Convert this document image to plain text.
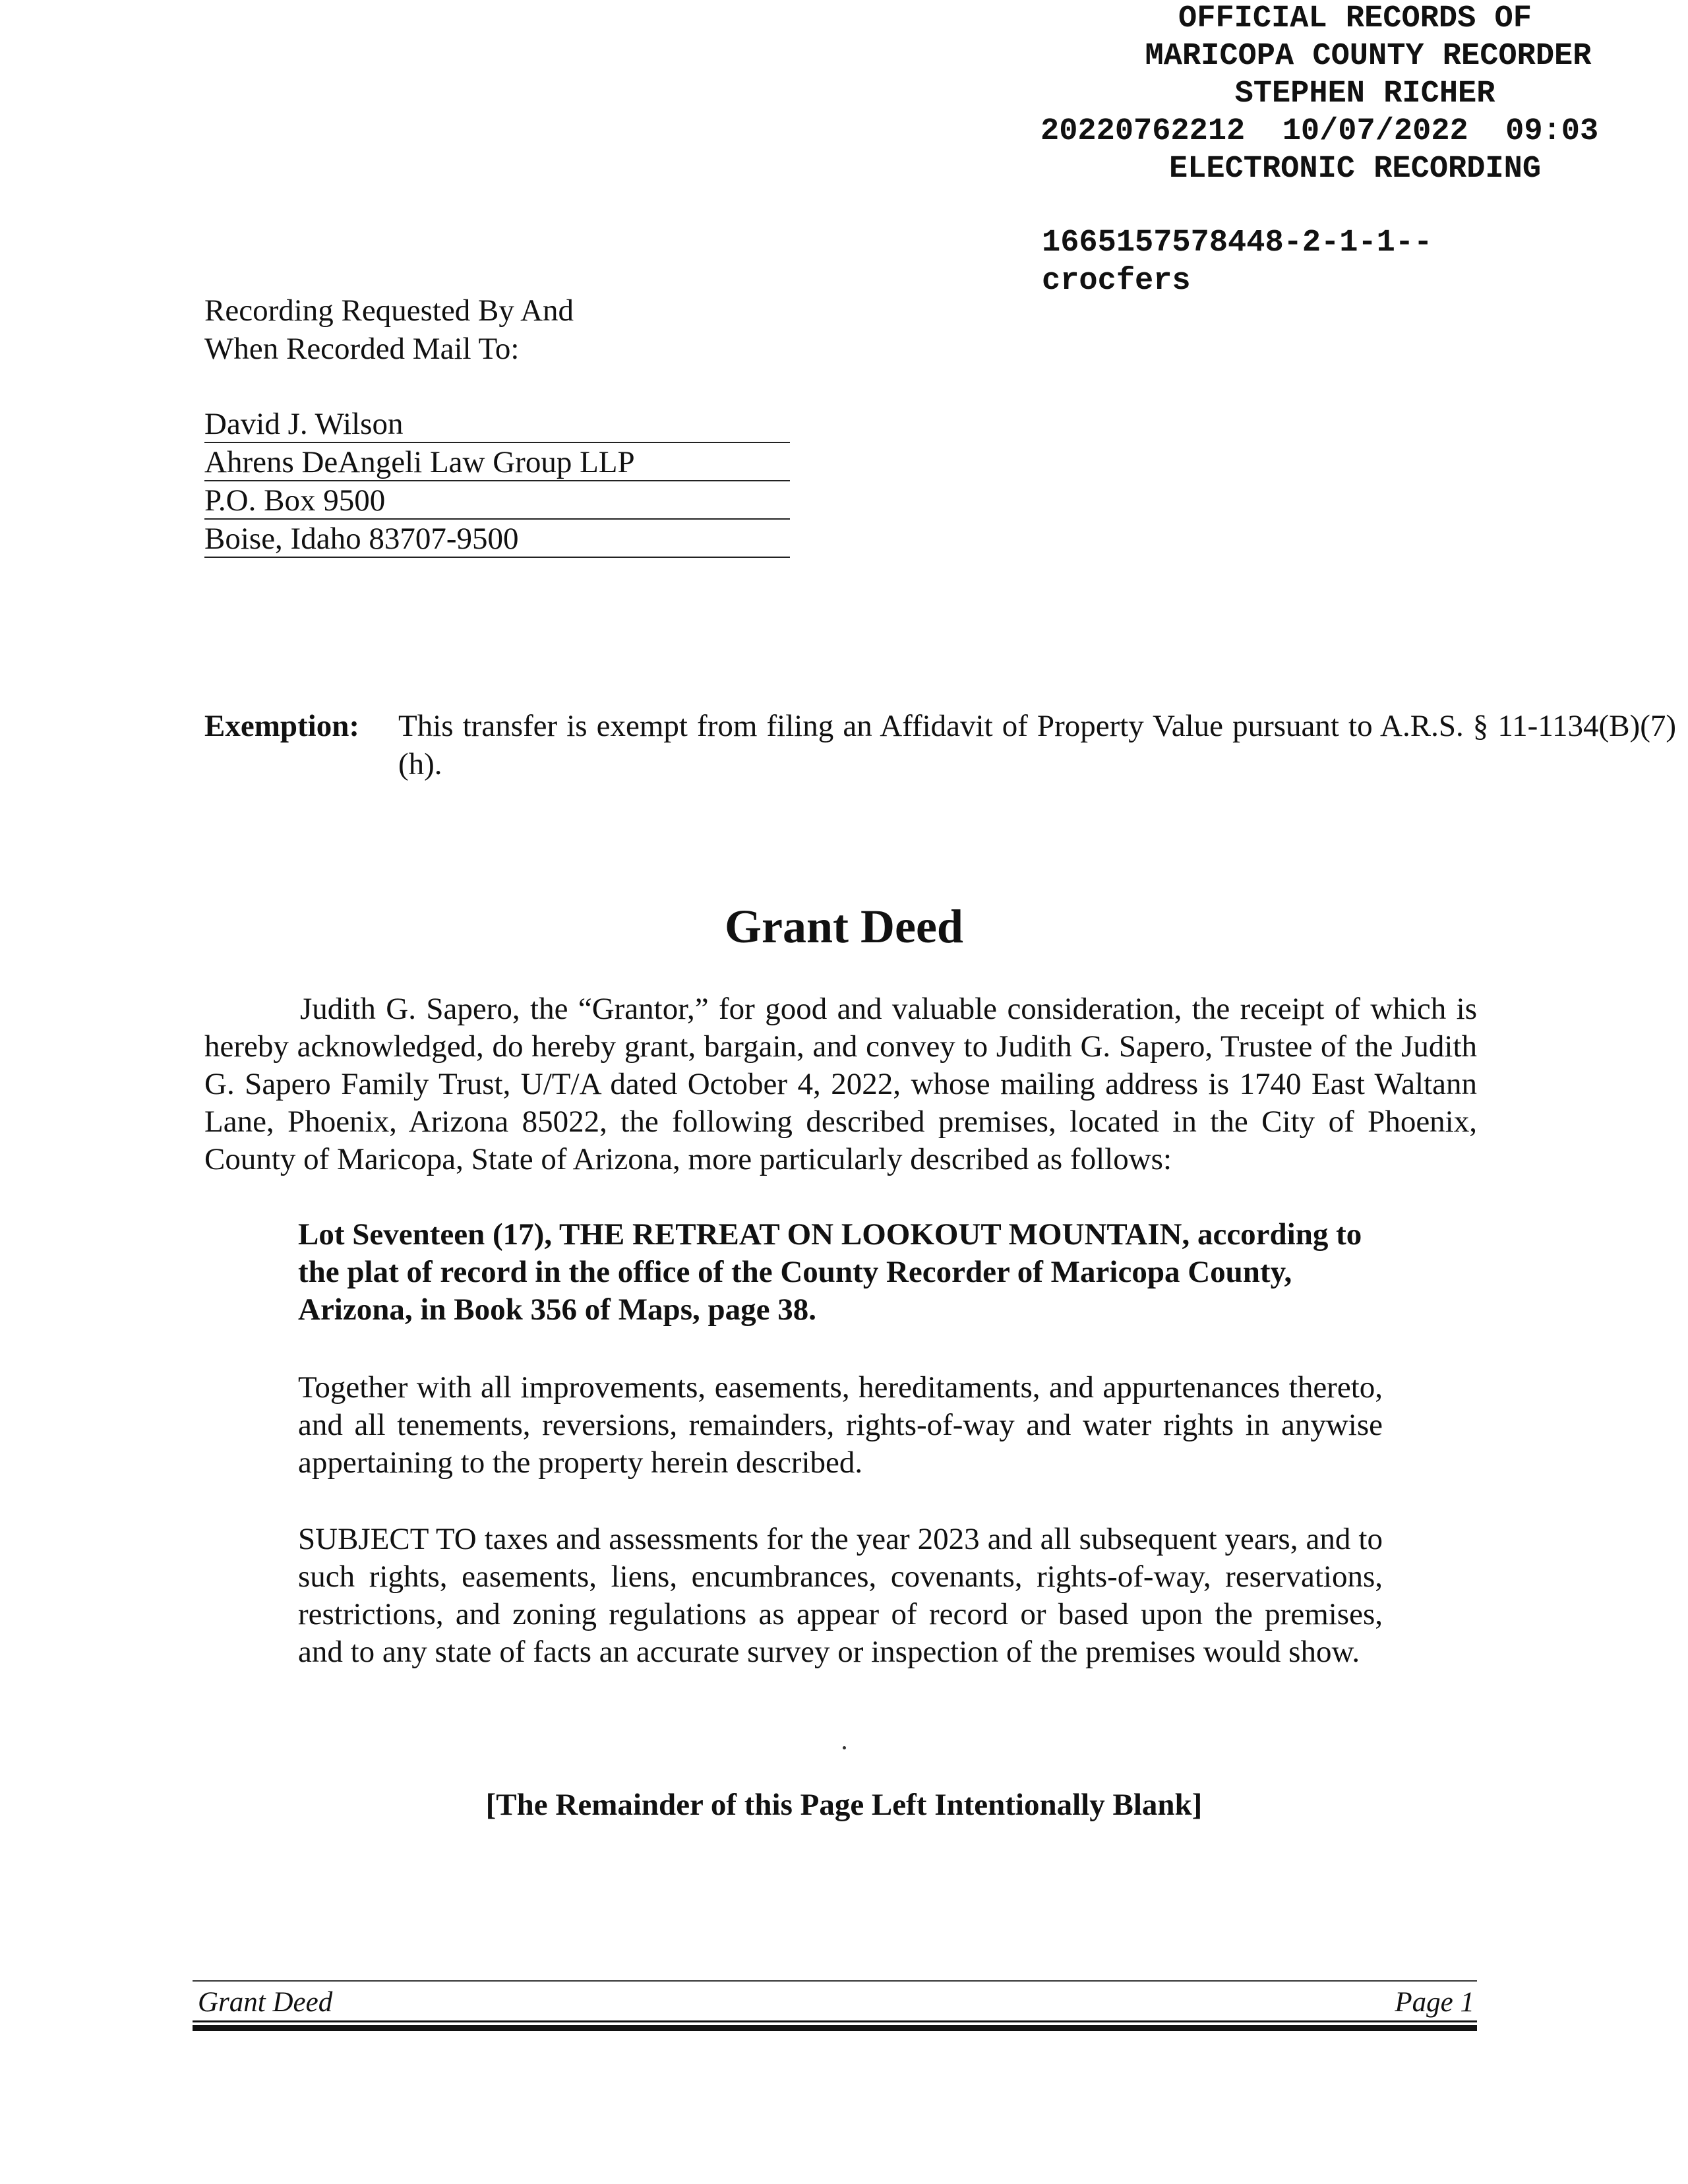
OFFICIAL RECORDS OF
MARICOPA COUNTY RECORDER
STEPHEN RICHER
20220762212 10/07/2022 09:03
ELECTRONIC RECORDING
1665157578448-2-1-1--
crocfers
Recording Requested By And
When Recorded Mail To:
David J. Wilson
Ahrens DeAngeli Law Group LLP
P.O. Box 9500
Boise, Idaho 83707-9500
Exemption: This transfer is exempt from filing an Affidavit of Property Value pursuant to A.R.S. § 11-1134(B)(7)(h).
Grant Deed
Judith G. Sapero, the “Grantor,” for good and valuable consideration, the receipt of which is hereby acknowledged, do hereby grant, bargain, and convey to Judith G. Sapero, Trustee of the Judith G. Sapero Family Trust, U/T/A dated October 4, 2022, whose mailing address is 1740 East Waltann Lane, Phoenix, Arizona 85022, the following described premises, located in the City of Phoenix, County of Maricopa, State of Arizona, more particularly described as follows:
Lot Seventeen (17), THE RETREAT ON LOOKOUT MOUNTAIN, according to the plat of record in the office of the County Recorder of Maricopa County, Arizona, in Book 356 of Maps, page 38.
Together with all improvements, easements, hereditaments, and appurtenances thereto, and all tenements, reversions, remainders, rights-of-way and water rights in anywise appertaining to the property herein described.
SUBJECT TO taxes and assessments for the year 2023 and all subsequent years, and to such rights, easements, liens, encumbrances, covenants, rights-of-way, reservations, restrictions, and zoning regulations as appear of record or based upon the premises, and to any state of facts an accurate survey or inspection of the premises would show.
[The Remainder of this Page Left Intentionally Blank]
Grant Deed	Page 1
